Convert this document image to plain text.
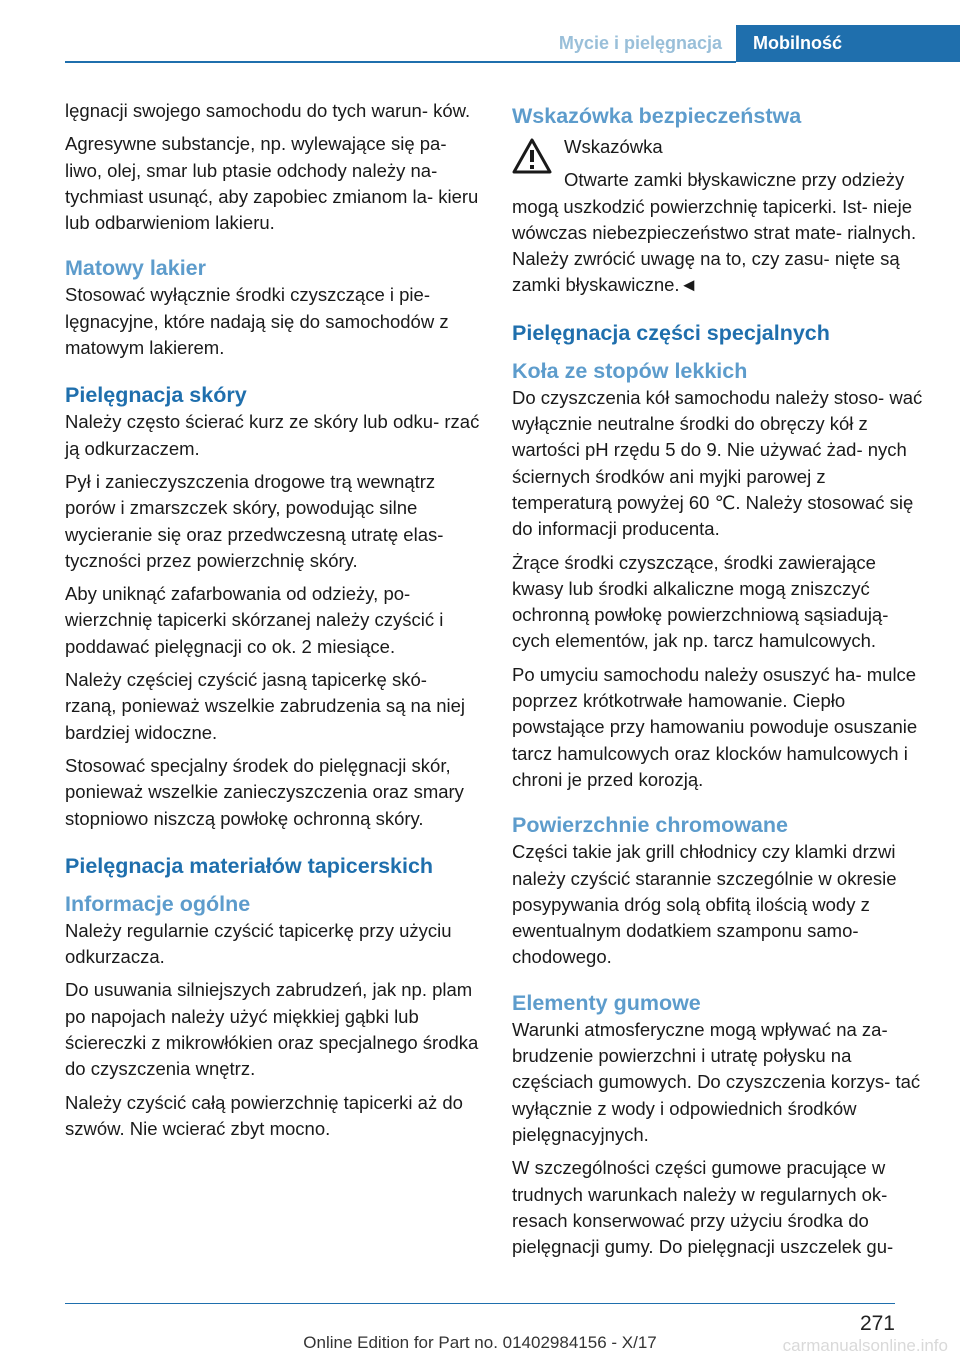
Mycie i pielęgnacja	Mobilność

lęgnacji swojego samochodu do tych warun‐ ków.

Agresywne substancje, np. wylewające się pa‐ liwo, olej, smar lub ptasie odchody należy na‐ tychmiast usunąć, aby zapobiec zmianom la‐ kieru lub odbarwieniom lakieru.

Matowy lakier

Stosować wyłącznie środki czyszczące i pie‐ lęgnacyjne, które nadają się do samochodów z matowym lakierem.

Pielęgnacja skóry

Należy często ścierać kurz ze skóry lub odku‐ rzać ją odkurzaczem.

Pył i zanieczyszczenia drogowe trą wewnątrz porów i zmarszczek skóry, powodując silne wycieranie się oraz przedwczesną utratę elas‐ tyczności przez powierzchnię skóry.

Aby uniknąć zafarbowania od odzieży, po‐ wierzchnię tapicerki skórzanej należy czyścić i poddawać pielęgnacji co ok. 2 miesiące.

Należy częściej czyścić jasną tapicerkę skó‐ rzaną, ponieważ wszelkie zabrudzenia są na niej bardziej widoczne.

Stosować specjalny środek do pielęgnacji skór, ponieważ wszelkie zanieczyszczenia oraz smary stopniowo niszczą powłokę ochronną skóry.

Pielęgnacja materiałów tapicerskich
Informacje ogólne

Należy regularnie czyścić tapicerkę przy użyciu odkurzacza.

Do usuwania silniejszych zabrudzeń, jak np. plam po napojach należy użyć miękkiej gąbki lub ściereczki z mikrowłókien oraz specjalnego środka do czyszczenia wnętrz.

Należy czyścić całą powierzchnię tapicerki aż do szwów. Nie wcierać zbyt mocno.

Wskazówka bezpieczeństwa

Wskazówka

Otwarte zamki błyskawiczne przy odzieży mogą uszkodzić powierzchnię tapicerki. Ist‐ nieje wówczas niebezpieczeństwo strat mate‐ rialnych. Należy zwrócić uwagę na to, czy zasu‐ nięte są zamki błyskawiczne.◄

Pielęgnacja części specjalnych
Koła ze stopów lekkich

Do czyszczenia kół samochodu należy stoso‐ wać wyłącznie neutralne środki do obręczy kół z wartości pH rzędu 5 do 9. Nie używać żad‐ nych ściernych środków ani myjki parowej z temperaturą powyżej 60 ℃. Należy stosować się do informacji producenta.

Żrące środki czyszczące, środki zawierające kwasy lub środki alkaliczne mogą zniszczyć ochronną powłokę powierzchniową sąsiadują‐ cych elementów, jak np. tarcz hamulcowych.

Po umyciu samochodu należy osuszyć ha‐ mulce poprzez krótkotrwałe hamowanie. Ciepło powstające przy hamowaniu powoduje osuszanie tarcz hamulcowych oraz klocków hamulcowych i chroni je przed korozją.

Powierzchnie chromowane

Części takie jak grill chłodnicy czy klamki drzwi należy czyścić starannie szczególnie w okresie posypywania dróg solą obfitą ilością wody z ewentualnym dodatkiem szamponu samo‐ chodowego.

Elementy gumowe

Warunki atmosferyczne mogą wpływać na za‐ brudzenie powierzchni i utratę połysku na częściach gumowych. Do czyszczenia korzys‐ tać wyłącznie z wody i odpowiednich środków pielęgnacyjnych.

W szczególności części gumowe pracujące w trudnych warunkach należy w regularnych ok‐ resach konserwować przy użyciu środka do pielęgnacji gumy. Do pielęgnacji uszczelek gu‐

271
Online Edition for Part no. 01402984156 - X/17	carmanualsonline.info
